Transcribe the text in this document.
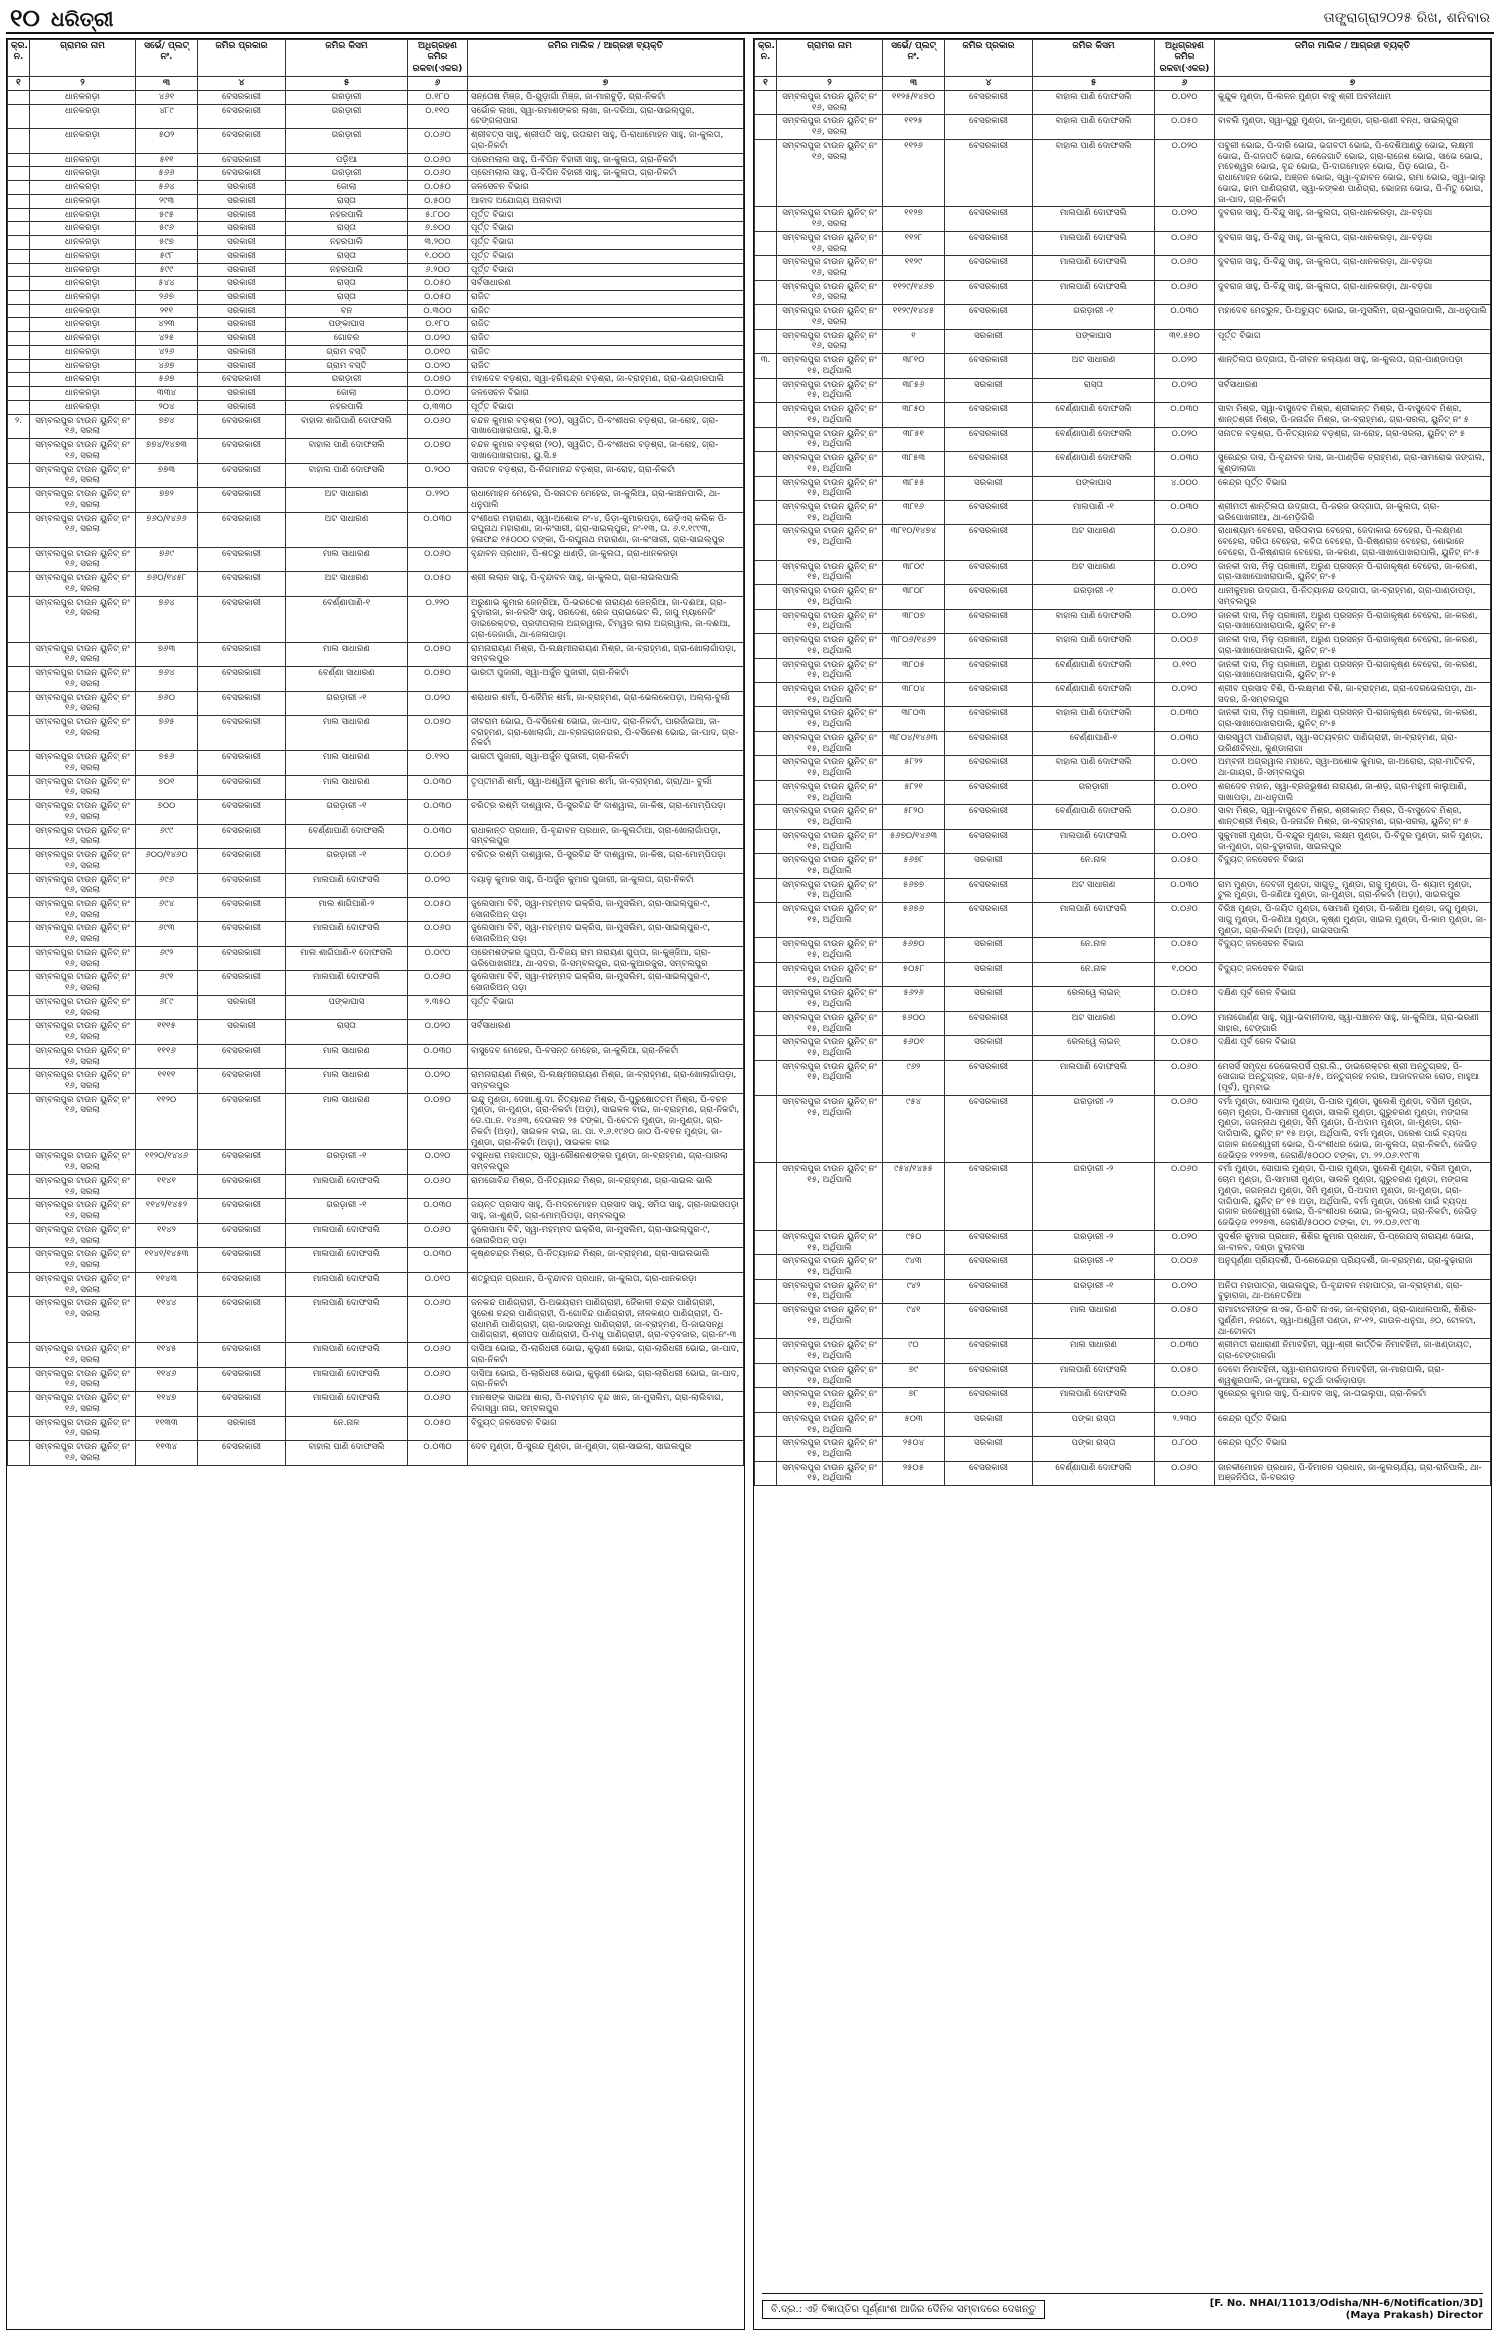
୧୦ ଧରିତ୍ରୀ	ତାଙ୍ଗ୍ରାଗ୍ରା୨୦୨୫ ରିଖ, ଶନିବାର
କ୍ର. ନ.	ଗ୍ରାମର ନାମ	ସର୍ଭେ/ ପ୍ଲଟ୍ ନଂ.	ଜମିର ପ୍ରକାର	ଜମିର କିସମ	ଅଧିଗ୍ରହଣ ଜମିର ରକବା(ଏକର)	ଜମିର ମାଲିକ / ଆଗ୍ରହୀ ବ୍ୟକ୍ତି
୧	୨	୩	୪	୫	୬	୭
	ଧାନକରଡ଼ା	୪୬୧	ବେସରକାରୀ	ଗରଡ଼ାରୀ	୦.୧୮୦	ସନ୍ତୋଷ ମିଞ୍ଜ, ପି-ଗୁଡ଼ାଗାଁ ମିଞ୍ଜ, ଜା-ମାରବୁଡ଼ି, ଗ୍ରା-ନିକଟାଁ
	ଧାନକରଡ଼ା	୪୮୯	ବେସରକାରୀ	ଗରଡ଼ାରୀ	୦.୧୧୦	ସର୍ଭୋକ ଲାଖା, ସ୍ୱା-ରମାଶଙ୍କର ଲାଖା, ଜା-ଦରିଆ, ଗ୍ରା-ସାଇଲ୍ପୁର, ଟେଙ୍ଗଲାପାରା
	ଧାନକରଡ଼ା	୫୦୨	ବେସରକାରୀ	ଗରଡ଼ାରୀ	୦.୦୬୦	ଶ୍ରୀବତ୍ସ ସାହୁ, ଶ୍ରୀପତି ସାହୁ, ଉତାରାମ ସାହୁ, ପି-ରାଧାମୋହନ ସାହୁ, ଜା-କୁଲତା, ଗ୍ରା-ନିକଟାଁ
	ଧାନକରଡ଼ା	୫୧୧	ବେସରକାରୀ	ପଡ଼ିଆ	୦.୦୬୦	ପ୍ରେମଲାଲ ସାହୁ, ପି-ବିପିନ ବିହାରୀ ସାହୁ, ଜା-କୁଲତା, ଗ୍ରା-ନିକଟାଁ
	ଧାନକରଡ଼ା	୫୬୬	ବେସରକାରୀ	ଗରଡ଼ାରୀ	୦.୦୬୦	ପ୍ରେମଲାଲ ସାହୁ, ପି-ବିପିନ ବିହାରୀ ସାହୁ, ଜା-କୁଲତା, ଗ୍ରା-ନିକଟାଁ
	ଧାନକରଡ଼ା	୫୬୪	ସରକାରୀ	ଜୋଲା	୦.୦୫୦	ଜଳସେଚନ ବିଭାଗ
	ଧାନକରଡ଼ା	୨୯୩	ସରକାରୀ	ରାସ୍ତା	୦.୫୦୦	ଆବାଦ ଅଯୋଗ୍ୟ ଅନାବାଦୀ
	ଧାନକରଡ଼ା	୫୯୫	ସରକାରୀ	ନହରପାଲି	୫.୮୦୦	ପୂର୍ତ୍ତ ବିଭାଗ
	ଧାନକରଡ଼ା	୫୯୬	ସରକାରୀ	ରାସ୍ତା	୬.୭୦୦	ପୂର୍ତ୍ତ ବିଭାଗ
	ଧାନକରଡ଼ା	୫୯୭	ସରକାରୀ	ନହରପାଲି	୩.୨୦୦	ପୂର୍ତ୍ତ ବିଭାଗ
	ଧାନକରଡ଼ା	୫୯୮	ସରକାରୀ	ରାସ୍ତା	୧.୦୦୦	ପୂର୍ତ୍ତ ବିଭାଗ
	ଧାନକରଡ଼ା	୫୯୯	ସରକାରୀ	ନହରପାଲି	୬.୨୦୦	ପୂର୍ତ୍ତ ବିଭାଗ
	ଧାନକରଡ଼ା	୫୪୪	ସରକାରୀ	ରାସ୍ତା	୦.୦୫୦	ସର୍ବସାଧାରଣ
	ଧାନକରଡ଼ା	୨୬୭	ସରକାରୀ	ରାସ୍ତା	୦.୦୫୦	ରାଜିତ
	ଧାନକରଡ଼ା	୨୧୧	ସରକାରୀ	ବନ	୦.୩୦୦	ରାଜିତ
	ଧାନକରଡ଼ା	୪୨୩	ସରକାରୀ	ପଙ୍କାଘାସ	୦.୧୮୦	ରାଜିତ
	ଧାନକରଡ଼ା	୪୨୫	ସରକାରୀ	ଗୋଚର	୦.୦୨୦	ରାଜିତ
	ଧାନକରଡ଼ା	୪୨୬	ସରକାରୀ	ଗ୍ରାମ ବସ୍ତି	୦.୦୧୦	ରାଜିତ
	ଧାନକରଡ଼ା	୪୬୭	ସରକାରୀ	ଗ୍ରାମ ବସ୍ତି	୦.୦୨୦	ରାଜିତ
	ଧାନକରଡ଼ା	୫୬୭	ବେସରକାରୀ	ଗରଡ଼ାରୀ	୦.୦୭୦	ମହାଦେବ ବଡ଼ଶ୍ରା, ସ୍ୱା-ହରିଶ୍ଚନ୍ଦ୍ର ବଡ଼ଶ୍ରା, ଜା-ବ୍ରାହ୍ମଣ, ଗ୍ରା-ଭଣ୍ଡାରପାଲି
	ଧାନକରଡ଼ା	୩୩୪	ସରକାରୀ	ଜୋଲା	୦.୦୨୦	ଜଳସେଚନ ବିଭାଗ
	ଧାନକରଡ଼ା	୨୦୪	ସରକାରୀ	ନହରପାଲି	୦.୩୩୦	ପୂର୍ତ୍ତ ବିଭାଗ
୨.	ସମ୍ବଲପୁର ଟାଉନ ୟୁନିଟ୍ ନଂ ୧୬, ସରଲା	୭୭୪	ବେସରକାରୀ	ବାହାଲ ଶାଗିପାଣି ଦୋଫସଲି	୦.୦୬୦	ଚନ୍ଦନ କୁମାର ବଡ଼ଶ୍ରା (୨୦), ସ୍ୱଗିତ, ପି-ବଂଶୀଧର ବଡ଼ଶ୍ରା, ଜା-ରୋହ, ଗ୍ରା-ସାଖାପୋଖରାପାରା, ୟୁ.ସି.୫
	ସମ୍ବଲପୁର ଟାଉନ ୟୁନିଟ୍ ନଂ ୧୬, ସରଲା	୭୭୪/୧୪୭୩	ବେସରକାରୀ	ବାହାଲ ପାଣି ଦୋଫସଲି	୦.୦୭୦	ଚନ୍ଦନ କୁମାର ବଡ଼ଶ୍ରା (୨୦), ସ୍ୱଗିତ, ପି-ବଂଶୀଧର ବଡ଼ଶ୍ରା, ଜା-ରୋହ, ଗ୍ରା-ସାଖାପୋଖରାପାରା, ୟୁ.ସି.୫
	ସମ୍ବଲପୁର ଟାଉନ ୟୁନିଟ୍ ନଂ ୧୬, ସରଲା	୭୭୩	ବେସରକାରୀ	ବାହାଲ ପାଣି ଦୋଫସଲି	୦.୨୦୦	ସନାତନ ବଡ଼ଶ୍ରା, ପି-ନିଗମାନନ୍ଦ ବଡ଼ଶ୍ରା, ଜା-ରୋହ, ଗ୍ରା-ନିକଟାଁ
	ସମ୍ବଲପୁର ଟାଉନ ୟୁନିଟ୍ ନଂ ୧୬, ସରଲା	୭୭୨	ବେସରକାରୀ	ଅଟ ସାଧାରଣ	୦.୨୨୦	ରାଧାମୋହନ ମେହେର, ପି-ସନାତନ ମେହେର, ଜା-କୁଲିଆ, ଗ୍ରା-କାଞ୍ଚନପାଲି, ଥା-ଧନୁପାଲି
	ସମ୍ବଲପୁର ଟାଉନ ୟୁନିଟ୍ ନଂ ୧୬, ସରଲା	୭୬୦/୧୪୬୬	ବେସରକାରୀ	ଅଟ ସାଧାରଣ	୦.୦୩୦	ବଂଶୀଧର ମହାରାଣା, ସ୍ୱା-ଅଶୋକ ନଂ-୪, ଡିଡ଼ା-କୁମାରପଡ଼ା, ଜେଡ଼ିଏସ୍ କଲିକ ପି-ରଘୁନାଥ ମହାରାଣା, ଜା-କଂସାରୀ, ଗ୍ରା-ସାଇଲ୍ପୁର, ନଂ-୧୩, ତା. ୬.୧.୧୯୯୩, ହଳାଫନ୍ଦ ୧୫୦୦୦ ଟଙ୍କା, ପି-ରଘୁନାଥ ମହାରାଣା, ଜା-କଂସାରୀ, ଗ୍ରା-ସାଇଲ୍ପୁର
	ସମ୍ବଲପୁର ଟାଉନ ୟୁନିଟ୍ ନଂ ୧୬, ସରଲା	୭୬୯	ବେସରକାରୀ	ମାଲ ସାଧାରଣ	୦.୦୬୦	ବୃନ୍ଦାବନ ପ୍ରଧାନ, ପି-ଶତ୍ରୁ ଧାଣ୍ଡି, ଜା-କୁଲତା, ଗ୍ରା-ଧାନକରଡ଼ା
	ସମ୍ବଲପୁର ଟାଉନ ୟୁନିଟ୍ ନଂ ୧୬, ସରଲା	୭୬୦/୧୪୫୮	ବେସରକାରୀ	ଅଟ ସାଧାରଣ	୦.୦୫୦	ଶ୍ରୀ ଲଲାନ ସାହୁ, ପି-ବୃନ୍ଦାବନ ସାହୁ, ଜା-କୁଲତା, ଗ୍ରା-ଲାଇଲପାଲି
	ସମ୍ବଲପୁର ଟାଉନ ୟୁନିଟ୍ ନଂ ୧୬, ସରଲା	୭୬୪	ବେସରକାରୀ	ବେର୍ଣ୍ଣାପାଣି-୧	୦.୨୨୦	ଅରୁଣାଭ କୁମାର ଜେନ୍ରିଆ, ପି-ଭରତେଶ ନାରାୟଣ ଜେନ୍ରିଆ, ଜା-ଦଈଆ, ଗ୍ରା-ବୁଡ଼ାରାଜା, କା-ନରସିଂ ସାହୁ, ସରଦେଶ, ରେଜ ପ୍ରାଇଭେଟ ଲି, ଜାପୁ ମ୍ୟାନେଜିଂ ଡାଇରେକ୍ଟର, ପ୍ରଦୀପଲାଲ ଅଗ୍ରୱାଲ, ଟିମ୍ୱର ଲାଲ ଅଗ୍ରୱାଲ, ଜା-ଦଈଆ, ଗ୍ରା-ଜେଜାଗାଁ, ଥା-ଜେଳାପାଡ଼ା
	ସମ୍ବଲପୁର ଟାଉନ ୟୁନିଟ୍ ନଂ ୧୬, ସରଲା	୭୬୩	ବେସରକାରୀ	ମାଲ ସାଧାରଣ	୦.୦୭୦	ରାମନାରାୟଣ ମିଶ୍ର, ପି-ଲକ୍ଷ୍ମୀନାରାୟଣ ମିଶ୍ର, ଜା-ବ୍ରାହ୍ମଣ, ଗ୍ରା-ଖୋଲାଗାଁପଡ଼ା, ସମ୍ବଲପୁର
	ସମ୍ବଲପୁର ଟାଉନ ୟୁନିଟ୍ ନଂ ୧୬, ସରଲା	୭୬୪	ବେସରକାରୀ	ବେର୍ଣ୍ଣା ସାଧାରଣ	୦.୦୭୦	ଭାରତୀ ପୁଜାରୀ, ସ୍ୱା-ଅର୍ଜୁନ ପୁଜାରୀ, ଗ୍ରା-ନିକଟାଁ
	ସମ୍ବଲପୁର ଟାଉନ ୟୁନିଟ୍ ନଂ ୧୬, ସରଲା	୭୬୦	ବେସରକାରୀ	ଗରଡ଼ାରୀ -୧	୦.୦୨୦	ଶରାଧାର ଶର୍ମା, ପି-ଜୈମିନ ଶର୍ମା, ଜା-ବ୍ରାହ୍ମଣ, ଗ୍ରା-ଭେଲକେପଡ଼ା, ଅଲ୍ଲା-ବୁର୍ଲା
	ସମ୍ବଲପୁର ଟାଉନ ୟୁନିଟ୍ ନଂ ୧୬, ସରଲା	୭୬୫	ବେସରକାରୀ	ମାଲ ସାଧାରଣ	୦.୦୭୦	ଜୀବରାମ ଭୋଇ, ପି-ବସିନେଶ ଭୋଇ, ଜା-ପାଦ, ଗ୍ରା-ନିକଟାଁ, ପାରଜାଁଇଆ, ଜା-ବ୍ରାହ୍ମଣ, ଗ୍ରା-ଖୋଲାଗାଁ, ଥା-ବ୍ରଜରାଜନଗର, ପି-ବସିନେଶ ଭୋଇ, ଜା-ପାଦ, ଗ୍ରା-ନିକଟାଁ
	ସମ୍ବଲପୁର ଟାଉନ ୟୁନିଟ୍ ନଂ ୧୬, ସରଲା	୭୫୬	ବେସରକାରୀ	ମାଲ ସାଧାରଣ	୦.୧୨୦	ଭାରତୀ ପୁଜାରୀ, ସ୍ୱା-ଅର୍ଜୁନ ପୁଜାରୀ, ଗ୍ରା-ନିକଟାଁ
	ସମ୍ବଲପୁର ଟାଉନ ୟୁନିଟ୍ ନଂ ୧୬, ସରଲା	୭୦୧	ବେସରକାରୀ	ମାଲ ସାଧାରଣ	୦.୦୩୦	ତୃପ୍ତୀମଣି ଶର୍ମା, ସ୍ୱା-ଅଶ୍ୱିନୀ କୁମାର ଶର୍ମା, ଜା-ବ୍ରାହ୍ମଣ, ଗ୍ରା/ଥା- ବୁର୍ଲା
	ସମ୍ବଲପୁର ଟାଉନ ୟୁନିଟ୍ ନଂ ୧୬, ସରଲା	୭୦୦	ବେସରକାରୀ	ଗରଡ଼ାରୀ -୧	୦.୦୩୦	ଚରିତ୍ର ରଶ୍ମି ଦାଶ୍ୱାଲ, ପି-ସୁରବିନ୍ଦ ସିଂ ଦାଶ୍ୱାଲ, ଜା-କିଷ, ଗ୍ରା-ମୋମ୍ପିପଡ଼ା
	ସମ୍ବଲପୁର ଟାଉନ ୟୁନିଟ୍ ନଂ ୧୬, ସରଲା	୬୯୯	ବେସରକାରୀ	ବେର୍ଣ୍ଣାପାଣି ଦୋଫସଲି	୦.୦୩୦	ରାଧାକାନ୍ତ ପ୍ରଧାନ, ପି-ବୃନ୍ଦାବନ ପ୍ରଧାନ, ଜା-କୁଲତାଁଆ, ଗ୍ରା-ଖୋଲାଗାଁପଡ଼ା, ସମ୍ବଲପୁର
	ସମ୍ବଲପୁର ଟାଉନ ୟୁନିଟ୍ ନଂ ୧୬, ସରଲା	୬୦୦/୧୪୬୦	ବେସରକାରୀ	ଗରଡ଼ାରୀ -୧	୦.୦୦୬	ଚରିତ୍ର ରଶ୍ମି ଦାଶ୍ୱାଲ, ପି-ସୁରବିନ୍ଦ ସିଂ ଦାଶ୍ୱାଲ, ଜା-କିଷ, ଗ୍ରା-ମୋମ୍ପିପଡ଼ା
	ସମ୍ବଲପୁର ଟାଉନ ୟୁନିଟ୍ ନଂ ୧୬, ସରଲା	୬୯୬	ବେସରକାରୀ	ମାଲପାଣି ଦୋଫସଲି	୦.୦୨୦	ଦୟାଳୁ କୁମାର ସାହୁ, ପି-ଅର୍ଜୁନ କୁମାର ପୁଜାରୀ, ଜା-କୁଲତା, ଗ୍ରା-ନିକଟାଁ
	ସମ୍ବଲପୁର ଟାଉନ ୟୁନିଟ୍ ନଂ ୧୬, ସରଲା	୬୯୪	ବେସରକାରୀ	ମାଲ ଶାଗିପାଣି-୨	୦.୦୫୦	ଜୁଲେସାମା ବିବି, ସ୍ୱା-ମହମ୍ମଦ ଇକ୍ରିସ, ଜା-ମୁସଲିମ, ଗ୍ରା-ସାଇଲ୍ପୁର-୯, ସୋନାରିଅନ୍ ପଡ଼ା
	ସମ୍ବଲପୁର ଟାଉନ ୟୁନିଟ୍ ନଂ ୧୬, ସରଲା	୬୯୩	ବେସରକାରୀ	ମାଲପାଣି ଦୋଫସଲି	୦.୦୬୦	ଜୁଲେସାମା ବିବି, ସ୍ୱା-ମହମ୍ମଦ ଇକ୍ରିସ, ଜା-ମୁସଲିମ, ଗ୍ରା-ସାଇଲ୍ପୁର-୯, ସୋନାରିଅନ୍ ପଡ଼ା
	ସମ୍ବଲପୁର ଟାଉନ ୟୁନିଟ୍ ନଂ ୧୬, ସରଲା	୬୯୨	ବେସରକାରୀ	ମାଲ ଶାଗିପାଣି-୧ ଦୋଫସଲି	୦.୦୯୦	ପ୍ରେମଶଙ୍କର ଗୁପ୍ତା, ପି-ବିଜୟ ରାମ ନାରାୟଣ ଗୁପ୍ତା, ଜା-କୁଞ୍ଜିଆ, ଗ୍ରା-ଭରିପୋଖରୀଆ, ଥା-ସଦର, ଜି-ସମ୍ବଲପୁର, ଗ୍ରା-କୁଆରଜୁରା, ସମ୍ବଲପୁର
	ସମ୍ବଲପୁର ଟାଉନ ୟୁନିଟ୍ ନଂ ୧୬, ସରଲା	୬୯୧	ବେସରକାରୀ	ମାଲପାଣି ଦୋଫସଲି	୦.୦୬୦	ଜୁଲେସାମା ବିବି, ସ୍ୱା-ମହମ୍ମଦ ଇକ୍ରିସ, ଜା-ମୁସଲିମ, ଗ୍ରା-ସାଇଲ୍ପୁର-୯, ସୋନାରିଅନ୍ ପଡ଼ା
	ସମ୍ବଲପୁର ଟାଉନ ୟୁନିଟ୍ ନଂ ୧୬, ସରଲା	୬୮୯	ସରକାରୀ	ପଙ୍କାଘାସ	୨.୩୫୦	ପୂର୍ତ୍ତ ବିଭାଗ
	ସମ୍ବଲପୁର ଟାଉନ ୟୁନିଟ୍ ନଂ ୧୬, ସରଲା	୧୧୧୫	ସରକାରୀ	ରାସ୍ତା	୦.୦୨୦	ସର୍ବସାଧାରଣ
	ସମ୍ବଲପୁର ଟାଉନ ୟୁନିଟ୍ ନଂ ୧୬, ସରଲା	୧୧୧୬	ବେସରକାରୀ	ମାଲ ସାଧାରଣ	୦.୦୩୦	ବାସୁଦେବ ମେହେର, ପି-ବସନ୍ତ ମେହେର, ଜା-କୁଲିଆ, ଗ୍ରା-ନିକଟାଁ
	ସମ୍ବଲପୁର ଟାଉନ ୟୁନିଟ୍ ନଂ ୧୬, ସରଲା	୧୧୧୧	ବେସରକାରୀ	ମାଲ ସାଧାରଣ	୦.୦୨୦	ରାମନାରାୟଣ ମିଶ୍ର, ପି-ଲକ୍ଷ୍ମୀନାରାୟଣ ମିଶ୍ର, ଜା-ବ୍ରାହ୍ମଣ, ଗ୍ରା-ଖୋଲାଗାଁପଡ଼ା, ସମ୍ବଲପୁର
	ସମ୍ବଲପୁର ଟାଉନ ୟୁନିଟ୍ ନଂ ୧୬, ସରଲା	୧୧୨୦	ବେସରକାରୀ	ମାଲ ସାଧାରଣ	୦.୦୭୦	ଇନ୍ଦୁ ମୁଣ୍ଡା, ଦେଖା.ଶୁ.ଦା. ନିତ୍ୟାନନ୍ଦ ମିଶ୍ର, ପି-ପୁରୁଷୋତ୍ତମ ମିଶ୍ର, ପି-ବଚନ ମୁଣ୍ଡା, ଜା-ମୁଣ୍ଡା, ଗ୍ରା-ନିକଟାଁ (ଅଡ଼ା), ସାଇକଳ ବାଇ, ଜା-ବ୍ରାହ୍ମଣ, ଗ୍ରା-ନିକଟାଁ, ଡେ.ପା.ନ. ୧୪୬୩, ଦେଉଳାନ ୨୫ ଟଙ୍କା, ପି-ଚେତନ ମୁଣ୍ଡା, ଜା-ମୁଣ୍ଡା, ଗ୍ରା-ନିକଟାଁ (ଅଡ଼ା), ସାଇକଳ ବାଇ, ଜା. ପା. ୧.୬.୧୯୬୦ ଜା୦ ପି-ବଚନ ମୁଣ୍ଡା, ଜା-ମୁଣ୍ଡା, ଗ୍ରା-ନିକଟାଁ (ଅଡ଼ା), ସାଇକଳ ବାଇ
	ସମ୍ବଲପୁର ଟାଉନ ୟୁନିଟ୍ ନଂ ୧୬, ସରଲା	୧୧୨୦/୧୪୪୬	ବେସରକାରୀ	ଗରଡ଼ାରୀ -୧	୦.୦୨୦	ବସୁନ୍ଧରା ମହାପାତ୍ର, ସ୍ୱା-ରୌଶନଶଙ୍କର ମୁଣ୍ଡା, ଜା-ବ୍ରାହ୍ମଣ, ଗ୍ରା-ପାରଲା ସମ୍ବଲପୁର
	ସମ୍ବଲପୁର ଟାଉନ ୟୁନିଟ୍ ନଂ ୧୬, ସରଲା	୧୧୪୧	ବେସରକାରୀ	ମାଲପାଣି ଦୋଫସଲି	୦.୦୬୦	ରାମଗୋବିନ୍ଦ ମିଶ୍ର, ପି-ନିତ୍ୟାନନ୍ଦ ମିଶ୍ର, ଜା-ବ୍ରାହ୍ମଣ, ଗ୍ରା-ସାଇଲ ଭାଲି
	ସମ୍ବଲପୁର ଟାଉନ ୟୁନିଟ୍ ନଂ ୧୬, ସରଲା	୧୧୪୨/୧୪୫୨	ବେସରକାରୀ	ଗରଡ଼ାରୀ -୧	୦.୦୩୦	ଜୟନ୍ତ ପ୍ରସାଦ ସାହୁ, ପି-ମଦନମୋହନ ପ୍ରସାଦ ସାହୁ, ସମିତା ସାହୁ, ଗ୍ରା-ଜାଇସପଡ଼ା ସାହୁ, ଜା-ଶୁଣ୍ଡି, ଗ୍ରା-ମୋମ୍ପିପଡ଼ା, ସମ୍ବଲପୁର
	ସମ୍ବଲପୁର ଟାଉନ ୟୁନିଟ୍ ନଂ ୧୬, ସରଲା	୧୧୪୨	ବେସରକାରୀ	ମାଲପାଣି ଦୋଫସଲି	୦.୦୬୦	ଜୁଲେସାମା ବିବି, ସ୍ୱା-ମହମ୍ମଦ ଇକ୍ରିସ, ଜା-ମୁସଲିମ, ଗ୍ରା-ସାଇଲ୍ପୁର-୯, ସୋନାରିଅନ୍ ପଡ଼ା
	ସମ୍ବଲପୁର ଟାଉନ ୟୁନିଟ୍ ନଂ ୧୬, ସରଲା	୧୧୪୧/୧୪୫୩	ବେସରକାରୀ	ମାଲପାଣି ଦୋଫସଲି	୦.୦୩୦	କୃଷ୍ଣଚନ୍ଦ୍ର ମିଶ୍ର, ପି-ନିତ୍ୟାନନ୍ଦ ମିଶ୍ର, ଜା-ବ୍ରାହ୍ମଣ, ଗ୍ରା-ସାଇଲଭାଲି
	ସମ୍ବଲପୁର ଟାଉନ ୟୁନିଟ୍ ନଂ ୧୬, ସରଲା	୧୧୪୩	ବେସରକାରୀ	ମାଲପାଣି ଦୋଫସଲି	୦.୦୧୦	ଶତ୍ରୁଘ୍ନ ପ୍ରଧାନ, ପି-ବୃନ୍ଦାବନ ପ୍ରଧାନ, ଜା-କୁଲତା, ଗ୍ରା-ଧାନକରଡ଼ା
	ସମ୍ବଲପୁର ଟାଉନ ୟୁନିଟ୍ ନଂ ୧୬, ସରଲା	୧୧୪୪	ବେସରକାରୀ	ମାଲପାଣି ଦୋଫସଲି	୦.୦୬୦	ଜନକନ୍ଦ ପାଣିଗ୍ରାହୀ, ପି-ଅଭୟରାମ ପାଣିଗ୍ରାହୀ, ଜୈକାଳୀ ଚନ୍ଦ୍ର ପାଣିଗ୍ରାହୀ, ସୁରେଶ ଚନ୍ଦ୍ର ପାଣିଗ୍ରାହୀ, ପି-ଗୋବିନ୍ଦ ପାଣିଗ୍ରାହୀ, ନୀଳକଣ୍ଠ ପାଣିଗ୍ରାହୀ, ପି-ରାଧାମଣି ପାଣିଗ୍ରାହୀ, ଗ୍ରା-ଜାଇସନ୍ଧି ପାଣିଗ୍ରାହୀ, ଜା-ବ୍ରାହ୍ମଣ, ପି-ଜାଇସନ୍ଧି ପାଣିଗ୍ରାହୀ, ଶ୍ରୀପଦ ପାଣିଗ୍ରାହୀ, ପି-ମଧୁ ପାଣିଗ୍ରାହୀ, ଗ୍ରା-ବଡ଼ବଜାର, ଗ୍ରା-ନଂ-୩
	ସମ୍ବଲପୁର ଟାଉନ ୟୁନିଟ୍ ନଂ ୧୬, ସରଲା	୧୧୪୫	ବେସରକାରୀ	ମାଲପାଣି ଦୋଫସଲି	୦.୦୬୦	ଦାସିଆ ଭୋଇ, ପି-ଲାରିଧରୀ ଭୋଇ, କୁଲୁଣୀ ଭୋଇ, ଗ୍ରା-ଲାରିଧରୀ ଭୋଇ, ଜା-ପାଦ, ଗ୍ରା-ନିକଟାଁ
	ସମ୍ବଲପୁର ଟାଉନ ୟୁନିଟ୍ ନଂ ୧୬, ସରଲା	୧୧୪୬	ବେସରକାରୀ	ମାଲପାଣି ଦୋଫସଲି	୦.୦୬୦	ଦାସିଆ ଭୋଇ, ପି-ଲାରିଧରୀ ଭୋଇ, କୁଲୁଣୀ ଭୋଇ, ଗ୍ରା-ଲାରିଧରୀ ଭୋଇ, ଜା-ପାଦ, ଗ୍ରା-ନିକଟାଁ
	ସମ୍ବଲପୁର ଟାଉନ ୟୁନିଟ୍ ନଂ ୧୬, ସରଲା	୧୧୪୭	ବେସରକାରୀ	ମାଲପାଣି ଦୋଫସଲି	୦.୦୬୦	ମାନଷଙ୍କ ସାଇଆ ଶାଲା, ପି-ମହମ୍ମଦ ବୃନ୍ଦ ଖାନ, ଜା-ମୁସଲିମ, ଗ୍ରା-ଲାଲିବାଗ, ନିଦାସ୍ୱା ନାଗ, ସମ୍ବଲପୁର
	ସମ୍ବଲପୁର ଟାଉନ ୟୁନିଟ୍ ନଂ ୧୬, ସରଲା	୧୧୩୩	ସରକାରୀ	ନେ.ନାଳ	୦.୦୫୦	ବିଦ୍ୟୁତ୍ ଜଳସେଚନ ବିଭାଗ
	ସମ୍ବଲପୁର ଟାଉନ ୟୁନିଟ୍ ନଂ ୧୬, ସରଲା	୧୧୩୪	ବେସରକାରୀ	ବାହାଲ ପାଣି ଦୋଫସଲି	୦.୦୩୦	ଦେବ ମୁଣ୍ଡା, ପି-ସୁରନ୍ଦ ମୁଣ୍ଡା, ଜା-ମୁଣ୍ଡା, ଗ୍ରା-ସାଇଲା, ସାଇଲପୁର
କ୍ର. ନ.	ଗ୍ରାମର ନାମ	ସର୍ଭେ/ ପ୍ଲଟ୍ ନଂ.	ଜମିର ପ୍ରକାର	ଜମିର କିସମ	ଅଧିଗ୍ରହଣ ଜମିର ରକବା(ଏକର)	ଜମିର ମାଲିକ / ଆଗ୍ରହୀ ବ୍ୟକ୍ତି
୧	୨	୩	୪	୫	୬	୭
	ସମ୍ବଲପୁର ଟାଉନ ୟୁନିଟ୍ ନଂ ୧୬, ସରଲା	୧୧୨୫/୧୪୭୦	ବେସରକାରୀ	ବାହାଲ ପାଣି ଦୋଫସଲି	୦.୦୧୦	କୁନ୍ଦୁକ ମୁଣ୍ଡା, ପି-ଲଳନ ମୁଣ୍ଡା ବାବୁ ଶ୍ରୀ ଅବନୀଧାମ
	ସମ୍ବଲପୁର ଟାଉନ ୟୁନିଟ୍ ନଂ ୧୬, ସରଲା	୧୧୨୫	ବେସରକାରୀ	ବାହାଲ ପାଣି ଦୋଫସଲି	୦.୦୫୦	ବାବଲି ମୁଣ୍ଡା, ସ୍ୱା-ପୁରୁ ମୁଣ୍ଡା, ଜା-ମୁଣ୍ଡା, ଗ୍ରା-ରାଣୀ ବନ୍ଧ, ସାଇଲ୍ପୁର
	ସମ୍ବଲପୁର ଟାଉନ ୟୁନିଟ୍ ନଂ ୧୬, ସରଲା	୧୧୨୬	ବେସରକାରୀ	ବାହାଲ ପାଣି ଦୋଫସଲି	୦.୦୨୦	ପବୁରୀ ଭୋଇ, ପି-ଦାରି ଭୋଇ, ଭଗବତୀ ଭୋଇ, ପି-ଦେଶିଆଣ୍ଡୁ ଭୋଇ, ଲକ୍ଷ୍ମୀ ଭୋଇ, ପି-ଗଜପତି ଭୋଇ, ନେଜେଗାଟି ଭୋଇ, ଗ୍ରା-ରାଜେଶ ଭୋଇ, ସାଭେ ଭୋଇ, ମହେଶ୍ୱର ଭୋଇ, ବୃନ୍ଦ ଭୋଇ, ପି-ଦାଗମୋହନ ଭୋଇ, ପିଡ଼ ଭୋଇ, ପି-ରାଧାମୋହନ ଭୋଇ, ଅଞ୍ଜନ ଭୋଇ, ସ୍ୱା-ବୃନ୍ଦାବନ ଭୋଇ, ରାମା ଭୋଇ, ସ୍ୱା-ଭାଲୁ ଭୋଇ, ଢାମ ପାଣିଗ୍ରାହୀ, ସ୍ୱା-କଙ୍କଣ ପାଣିଗ୍ରା, ଭୋଜନା ଭୋଇ, ପି-ମିତୁ ଭୋଇ, ଜା-ପାଦ, ଗ୍ରା-ନିକଟାଁ
	ସମ୍ବଲପୁର ଟାଉନ ୟୁନିଟ୍ ନଂ ୧୬, ସରଲା	୧୧୨୭	ବେସରକାରୀ	ମାଲପାଣି ଦୋଫସଲି	୦.୦୨୦	ଦୁବରାଜ ସାହୁ, ପି-ବିନ୍ଦୁ ସାହୁ, ଜା-କୁଲତା, ଗ୍ରା-ଧାନକରଡ଼ା, ଥା-ବଡ଼ଗା
	ସମ୍ବଲପୁର ଟାଉନ ୟୁନିଟ୍ ନଂ ୧୬, ସରଲା	୧୧୨୮	ବେସରକାରୀ	ମାଲପାଣି ଦୋଫସଲି	୦.୦୬୦	ଦୁବରାଜ ସାହୁ, ପି-ବିନ୍ଦୁ ସାହୁ, ଜା-କୁଲତା, ଗ୍ରା-ଧାନକରଡ଼ା, ଥା-ବଡ଼ଗା
	ସମ୍ବଲପୁର ଟାଉନ ୟୁନିଟ୍ ନଂ ୧୬, ସରଲା	୧୧୨୯	ବେସରକାରୀ	ମାଲପାଣି ଦୋଫସଲି	୦.୦୬୦	ଦୁବରାଜ ସାହୁ, ପି-ବିନ୍ଦୁ ସାହୁ, ଜା-କୁଲତା, ଗ୍ରା-ଧାନକରଡ଼ା, ଥା-ବଡ଼ଗା
	ସମ୍ବଲପୁର ଟାଉନ ୟୁନିଟ୍ ନଂ ୧୬, ସରଲା	୧୧୨୯/୧୪୬୭	ବେସରକାରୀ	ମାଲପାଣି ଦୋଫସଲି	୦.୦୬୦	ଦୁବରାଜ ସାହୁ, ପି-ବିନ୍ଦୁ ସାହୁ, ଜା-କୁଲତା, ଗ୍ରା-ଧାନକରଡ଼ା, ଥା-ବଡ଼ଗା
	ସମ୍ବଲପୁର ଟାଉନ ୟୁନିଟ୍ ନଂ ୧୬, ସରଲା	୧୧୨୯/୧୪୪୫	ବେସରକାରୀ	ଗରଡ଼ାରୀ -୧	୦.୦୩୦	ମହାଦେବ ମେଟ୍ରୁଳ, ପି-ଅଚ୍ୟୁତ ଭୋଇ, ଜା-ମୁସଲିମ, ଗ୍ରା-ସୁରାଜପାଲି, ଥା-ଧନୁପାଲି
	ସମ୍ବଲପୁର ଟାଉନ ୟୁନିଟ୍ ନଂ ୧୬, ସରଲା	୧	ସରକାରୀ	ପଙ୍କାଘାସ	୩୧.୫୭୦	ପୂର୍ତ୍ତ ବିଭାଗ
୩.	ସମ୍ବଲପୁର ଟାଉନ ୟୁନିଟ୍ ନଂ ୧୫, ଅର୍ଥିପାଲି	୩୮୧୦	ବେସରକାରୀ	ଅଟ ସାଧାରଣ	୦.୦୨୦	ଶାନ୍ତିଲତା ଉଦ୍ଗାତା, ପି-ଜୀବନ କଲ୍ୟାଣ ସାହୁ, ଜା-କୁଲତା, ଗ୍ରା-ପାଣ୍ଡାପଡ଼ା
	ସମ୍ବଲପୁର ଟାଉନ ୟୁନିଟ୍ ନଂ ୧୫, ଅର୍ଥିପାଲି	୩୮୫୬	ସରକାରୀ	ରାସ୍ତା	୦.୦୨୦	ସର୍ବସାଧାରଣ
	ସମ୍ବଲପୁର ଟାଉନ ୟୁନିଟ୍ ନଂ ୧୫, ଅର୍ଥିପାଲି	୩୮୫୦	ବେସରକାରୀ	ବେର୍ଣ୍ଣାପାଣି ଦୋଫସଲି	୦.୦୩୦	ସାବା ମିଶ୍ର, ସ୍ୱା-ବାସୁଦେବ ମିଶ୍ର, ଶ୍ରୀକାନ୍ତ ମିଶ୍ର, ପି-ବାସୁଦେବ ମିଶ୍ର, ଶାନ୍ତଶ୍ରୀ ମିଶ୍ର, ପି-ଜନାର୍ଦ୍ଦନ ମିଶ୍ର, ଜା-ବ୍ରାହ୍ମଣ, ଗ୍ରା-ସରଲା, ୟୁନିଟ୍ ନଂ ୫
	ସମ୍ବଲପୁର ଟାଉନ ୟୁନିଟ୍ ନଂ ୧୫, ଅର୍ଥିପାଲି	୩୮୫୧	ବେସରକାରୀ	ବେର୍ଣ୍ଣାପାଣି ଦୋଫସଲି	୦.୦୨୦	ସନାତନ ବଡ଼ଶ୍ରା, ପି-ନିତ୍ୟାନନ୍ଦ ବଡ଼ଶ୍ରା, ଜା-ରୋହ, ଗ୍ରା-ସରଲା, ୟୁନିଟ୍ ନଂ ୫
	ସମ୍ବଲପୁର ଟାଉନ ୟୁନିଟ୍ ନଂ ୧୫, ଅର୍ଥିପାଲି	୩୮୫୩	ବେସରକାରୀ	ବେର୍ଣ୍ଣାପାଣି ଦୋଫସଲି	୦.୦୩୦	ସୁରେନ୍ଦ୍ର ଦାସ, ପି-ବୃନ୍ଦାବନ ଦାସ, ଜା-ପାଣ୍ଡିକ ବ୍ରାହ୍ମଣ, ଗ୍ରା-ସାମରୋଭ ଜଙ୍ଗଲ, କୁଣ୍ଡାଲାଗା
	ସମ୍ବଲପୁର ଟାଉନ ୟୁନିଟ୍ ନଂ ୧୫, ଅର୍ଥିପାଲି	୩୮୫୫	ସରକାରୀ	ପଙ୍କାଘାସ	୪.୦୦୦	କେନ୍ଦ୍ର ପୂର୍ତ୍ତ ବିଭାଗ
	ସମ୍ବଲପୁର ଟାଉନ ୟୁନିଟ୍ ନଂ ୧୫, ଅର୍ଥିପାଲି	୩୮୧୬	ବେସରକାରୀ	ମାଲପାଣି -୧	୦.୦୩୦	ଶ୍ରୀମତୀ ଶାନ୍ତିଲତା ଉଦ୍ଗାତା, ପି-ଜରଜ ଉଦ୍ଗାତା, ଜା-କୁଲତା, ଗ୍ରା-ଭରିପୋଖରୀଆ, ଥା-ମେଡ଼ିଗିରି
	ସମ୍ବଲପୁର ଟାଉନ ୟୁନିଟ୍ ନଂ ୧୫, ଅର୍ଥିପାଲି	୩୮୧୦/୧୪୭୪	ବେସରକାରୀ	ଅଟ ସାଧାରଣ	୦.୦୬୦	ରାଧାଶ୍ୟାମ ବେହେରା, ସରିତାବାଇ ବେହେରା, ଜେଦାକାଇ ବେହେରା, ପି-ଲକ୍ଷ୍ମଣ ବେହେରା, ସରିତା ବେହେରା, କବିତା ବେହେରା, ପି-ରିଷ୍ଣରାଜ ବେହେରା, ଶୋଭାନେ ବେହେରା, ପି-ରିଷ୍ଣରାଜ ବେହେରା, ଜା-କରଣ, ଗ୍ରା-ସାଖାପୋଖରାପାଲି, ୟୁନିଟ୍ ନଂ-୫
	ସମ୍ବଲପୁର ଟାଉନ ୟୁନିଟ୍ ନଂ ୧୫, ଅର୍ଥିପାଲି	୩୮୦୯	ବେସରକାରୀ	ଅଟ ସାଧାରଣ	୦.୦୨୦	ଜାନକୀ ଦାସ, ମିଳୁ ପ୍ରଜ୍ଞାନୀ, ଅରୁଣ ପ୍ରସନ୍ନ ପି-ରାଜାକୃଷ୍ଣ ବେହେରା, ଜା-କରଣ, ଗ୍ରା-ସାଖାପୋଖରାପାଲି, ୟୁନିଟ୍ ନଂ-୫
	ସମ୍ବଲପୁର ଟାଉନ ୟୁନିଟ୍ ନଂ ୧୫, ଅର୍ଥିପାଲି	୩୮୦୮	ବେସରକାରୀ	ଗରଡ଼ାରୀ -୧	୦.୦୧୦	ଧାନୀକୁମାର ଉଦ୍ଗାତା, ପି-ନିତ୍ୟାନନ୍ଦ ଉଦ୍ଗାତା, ଜା-ବ୍ରାହ୍ମଣ, ଗ୍ରା-ପାଣ୍ଡାପଡ଼ା, ସମ୍ବଲପୁର
	ସମ୍ବଲପୁର ଟାଉନ ୟୁନିଟ୍ ନଂ ୧୫, ଅର୍ଥିପାଲି	୩୮୦୭	ବେସରକାରୀ	ବାହାଲ ପାଣି ଦୋଫସଲି	୦.୦୨୦	ଜାନକୀ ଦାସ, ମିଳୁ ପ୍ରଜ୍ଞାନୀ, ଅରୁଣ ପ୍ରସନ୍ନ ପି-ରାଜାକୃଷ୍ଣ ବେହେରା, ଜା-କରଣ, ଗ୍ରା-ସାଖାପୋଖରାପାଲି, ୟୁନିଟ୍ ନଂ-୫
	ସମ୍ବଲପୁର ଟାଉନ ୟୁନିଟ୍ ନଂ ୧୫, ଅର୍ଥିପାଲି	୩୮୦୬/୧୪୬୨	ବେସରକାରୀ	ବାହାଲ ପାଣି ଦୋଫସଲି	୦.୦୦୬	ଜାନକୀ ଦାସ, ମିଳୁ ପ୍ରଜ୍ଞାନୀ, ଅରୁଣ ପ୍ରସନ୍ନ ପି-ରାଜାକୃଷ୍ଣ ବେହେରା, ଜା-କରଣ, ଗ୍ରା-ସାଖାପୋଖରାପାଲି, ୟୁନିଟ୍ ନଂ-୫
	ସମ୍ବଲପୁର ଟାଉନ ୟୁନିଟ୍ ନଂ ୧୫, ଅର୍ଥିପାଲି	୩୮୦୫	ବେସରକାରୀ	ବେର୍ଣ୍ଣାପାଣି ଦୋଫସଲି	୦.୧୧୦	ଜାନକୀ ଦାସ, ମିଳୁ ପ୍ରଜ୍ଞାନୀ, ଅରୁଣ ପ୍ରସନ୍ନ ପି-ରାଜାକୃଷ୍ଣ ବେହେରା, ଜା-କରଣ, ଗ୍ରା-ସାଖାପୋଖରାପାଲି, ୟୁନିଟ୍ ନଂ-୫
	ସମ୍ବଲପୁର ଟାଉନ ୟୁନିଟ୍ ନଂ ୧୫, ଅର୍ଥିପାଲି	୩୮୦୪	ବେସରକାରୀ	ବେର୍ଣ୍ଣାପାଣି ଦୋଫସଲି	୦.୦୨୦	ଶ୍ରୀବ ପ୍ରସାଦ ବିଶି, ପି-ଲକ୍ଷ୍ମଣ ବିଶି, ଜା-ବ୍ରାହ୍ମଣ, ଗ୍ରା-ଦେରଭେଲପଡ଼ା, ଥା-ସଦର, ଜି-ସମ୍ବଲପୁର
	ସମ୍ବଲପୁର ଟାଉନ ୟୁନିଟ୍ ନଂ ୧୫, ଅର୍ଥିପାଲି	୩୮୦୩	ବେସରକାରୀ	ବାହାଲ ପାଣି ଦୋଫସଲି	୦.୦୩୦	ଜାନକୀ ଦାସ, ମିଳୁ ପ୍ରଜ୍ଞାନୀ, ଅରୁଣ ପ୍ରସନ୍ନ ପି-ରାଜାକୃଷ୍ଣ ବେହେରା, ଜା-କରଣ, ଗ୍ରା-ସାଖାପୋଖରାପାଲି, ୟୁନିଟ୍ ନଂ-୫
	ସମ୍ବଲପୁର ଟାଉନ ୟୁନିଟ୍ ନଂ ୧୫, ଅର୍ଥିପାଲି	୩୮୦୪/୧୪୬୩	ବେସରକାରୀ	ବେର୍ଣ୍ଣାପାଣି-୧	୦.୦୩୦	ସାରସ୍ୱତୀ ପାଣିଗ୍ରାହୀ, ସ୍ୱା-ସତ୍ୟବ୍ରତ ପାଣିଗ୍ରାହୀ, ଜା-ବ୍ରାହ୍ମଣ, ଗ୍ରା-ଉରିଣୀବିନ୍ଧା, କୁଣ୍ଡାଲାଗା
	ସମ୍ବଲପୁର ଟାଉନ ୟୁନିଟ୍ ନଂ ୧୫, ଅର୍ଥିପାଲି	୫୮୨୨	ବେସରକାରୀ	ବାହାଲ ପାଣି ଦୋଫସଲି	୦.୦୧୦	ଅମ୍ବନୀ ଅଗ୍ରୱାଲ ମହାଦେ, ସ୍ୱା-ଅଶୋକ କୁମାର, ଜା-ଅରୋରା, ଗ୍ରା-ମାତିଚଳି, ଥା-ଗାୟରା, ଜି-ସମ୍ବଲପୁର
	ସମ୍ବଲପୁର ଟାଉନ ୟୁନିଟ୍ ନଂ ୧୫, ଅର୍ଥିପାଲି	୫୮୨୧	ବେସରକାରୀ	ଗରଡ଼ାରୀ	୦.୦୧୦	ଶରଦେବ ମହାନ, ସ୍ୱା-ବ୍ରଜଭୁଷଣ ନାରାୟଣ, ଜା-ଶଡ଼, ଗ୍ରା-ମହୁମୀ କାଲୁଆଣି, ସାଖାପଡ଼ା, ଥା-ଧନୁପାଲି
	ସମ୍ବଲପୁର ଟାଉନ ୟୁନିଟ୍ ନଂ ୧୫, ଅର୍ଥିପାଲି	୫୮୨୦	ବେସରକାରୀ	ବେର୍ଣ୍ଣାପାଣି ଦୋଫସଲି	୦.୦୬୦	ସାବା ମିଶ୍ର, ସ୍ୱା-ବାସୁଦେବ ମିଶ୍ର, ଶ୍ରୀକାନ୍ତ ମିଶ୍ର, ପି-ବାସୁଦେବ ମିଶ୍ର, ଶାନ୍ତଶ୍ରୀ ମିଶ୍ର, ପି-ଜନାର୍ଦ୍ଦନ ମିଶ୍ର, ଜା-ବ୍ରାହ୍ମଣ, ଗ୍ରା-ସରଲା, ୟୁନିଟ୍ ନଂ ୫
	ସମ୍ବଲପୁର ଟାଉନ ୟୁନିଟ୍ ନଂ ୧୫, ଅର୍ଥିପାଲି	୫୬୭୦/୧୪୬୩	ବେସରକାରୀ	ମାଲପାଣି ଦୋଫସଲି	୦.୦୧୦	ସୁକୁମାରୀ ମୁଣ୍ଡା, ପି-ବନ୍ଦୁର ମୁଣ୍ଡା, ଲକ୍ଷ୍ମ ମୁଣ୍ଡା, ପି-ବିଦୁର ମୁଣ୍ଡା, କାଳି ମୁଣ୍ଡା, ଜା-ମୁଣ୍ଡା, ଗ୍ରା-ବୁଢ଼ାରାଜା, ସାଇଲପୁର
	ସମ୍ବଲପୁର ଟାଉନ ୟୁନିଟ୍ ନଂ ୧୫, ଅର୍ଥିପାଲି	୫୬୭୮	ସରକାରୀ	ନେ.ନାଳ	୦.୦୫୦	ବିଦ୍ୟୁତ୍ ଜଳସେଚନ ବିଭାଗ
	ସମ୍ବଲପୁର ଟାଉନ ୟୁନିଟ୍ ନଂ ୧୫, ଅର୍ଥିପାଲି	୫୬୭୭	ବେସରକାରୀ	ଅଟ ସାଧାରଣ	୦.୦୩୦	ରାମ ମୁଣ୍ଡା, ଦେବଜୀ ମୁଣ୍ଡା, ସାଗୁଡ଼ୁ ମୁଣ୍ଡା, ରାଜୁ ମୁଣ୍ଡା, ପି- ଶ୍ୟାମ ମୁଣ୍ଡା, ଟୁଲ ମୁଣ୍ଡା, ପି-ଜଣିଆ ମୁଣ୍ଡା, ଜା-ମୁଣ୍ଡା, ଗ୍ରା-ନିକଟାଁ (ଅଡ଼ା), ସାଇଲପୁର
	ସମ୍ବଲପୁର ଟାଉନ ୟୁନିଟ୍ ନଂ ୧୫, ଅର୍ଥିପାଲି	୫୬୭୬	ବେସରକାରୀ	ମାଲପାଣି ଦୋଫସଲି	୦.୦୬୦	ବିରିଞ୍ଚ ମୁଣ୍ଡା, ପି-ଜୟିତ ମୁଣ୍ଡା, ସୋମାଣି ମୁଣ୍ଡା, ପି-ଜଣିଆ ମୁଣ୍ଡା, ଜଗୁ ମୁଣ୍ଡା, ସାଗୁ ମୁଣ୍ଡା, ପି-ଜଣିଆ ମୁଣ୍ଡା, କୃଷ୍ଣ ମୁଣ୍ଡା, ସାଇଲ ମୁଣ୍ଡା, ପି-କାମ ମୁଣ୍ଡା, ଜା-ମୁଣ୍ଡା, ଗ୍ରା-ନିକଟାଁ (ଅଡ଼ା), ଗାଇସପାଲି
	ସମ୍ବଲପୁର ଟାଉନ ୟୁନିଟ୍ ନଂ ୧୫, ଅର୍ଥିପାଲି	୫୬୭୦	ସରକାରୀ	ନେ.ନାଳ	୦.୦୫୦	ବିଦ୍ୟୁତ୍ ଜଳସେଚନ ବିଭାଗ
	ସମ୍ବଲପୁର ଟାଉନ ୟୁନିଟ୍ ନଂ ୧୫, ଅର୍ଥିପାଲି	୫୦୫୮	ସରକାରୀ	ନେ.ନାଳ	୧.୦୦୦	ବିଦ୍ୟୁତ୍ ଜଳସେଚନ ବିଭାଗ
	ସମ୍ବଲପୁର ଟାଉନ ୟୁନିଟ୍ ନଂ ୧୫, ଅର୍ଥିପାଲି	୫୬୨୬	ସରକାରୀ	ରେଲୱେ ଲାଇନ୍	୦.୦୫୦	ଦକ୍ଷିଣ ପୂର୍ବ ରେଳ ବିଭାଗ
	ସମ୍ବଲପୁର ଟାଉନ ୟୁନିଟ୍ ନଂ ୧୫, ଅର୍ଥିପାଲି	୫୬୦୦	ବେସରକାରୀ	ଅଟ ସାଧାରଣ	୦.୦୨୦	ମାନାଗୋର୍ଣ୍ଣ ସାହୁ, ସ୍ୱା-ଭବାନୀଦାସ, ସ୍ୱା-ପଞ୍ଚାନନ ସାହୁ, ଜା-କୁଲିଆ, ଗ୍ରା-ଭରଣୀ ସାହାର, ଟେଙ୍ଗାରି
	ସମ୍ବଲପୁର ଟାଉନ ୟୁନିଟ୍ ନଂ ୧୫, ଅର୍ଥିପାଲି	୫୬୦୧	ସରକାରୀ	ରେଲୱେ ଲାଇନ୍	୦.୦୫୦	ଦକ୍ଷିଣ ପୂର୍ବ ରେଳ ବିଭାଗ
	ସମ୍ବଲପୁର ଟାଉନ ୟୁନିଟ୍ ନଂ ୧୫, ଅର୍ଥିପାଲି	୯୬୨	ବେସରକାରୀ	ମାଲପାଣି ଦୋଫସଲି	୦.୦୬୦	ମେସର୍ସ ସମୃଦ୍ଧ ଡେଭେଲପର୍ସ ପ୍ରା.ଲି., ଡାଇରେକ୍ଟର ଶ୍ରୀ ଅନ୍ତୁଗ୍ରହ, ପି-ସୋଗାଇ ଅନ୍ତୁଗ୍ରହ, ଗ୍ରା-୫/୫, ଅନ୍ତୁଗ୍ରହ ନଗର, ଆଜାଦନଗର ରୋଡ, ମାହୁଆ (ପୂର୍ବ), ମୁମ୍ବାଇ
	ସମ୍ବଲପୁର ଟାଉନ ୟୁନିଟ୍ ନଂ ୧୫, ଅର୍ଥିପାଲି	୯୫୪	ବେସରକାରୀ	ଗରଡ଼ାରୀ -୨	୦.୦୬୦	ବର୍ମା ମୁଣ୍ଡା, ସୋପାଲ ମୁଣ୍ଡା, ପି-ପାର ମୁଣ୍ଡା, ସୁଲେଶି ମୁଣ୍ଡା, ବସିନୀ ମୁଣ୍ଡା, ଚୋମ ମୁଣ୍ଡା, ପି-ସାମାରୀ ମୁଣ୍ଡା, ସାଲକି ମୁଣ୍ଡା, ଗୁରୁଚରଣ ମୁଣ୍ଡା, ମଙ୍ଗଳା ମୁଣ୍ଡା, ଜଗନ୍ନାଥ ମୁଣ୍ଡା, ସିମି ମୁଣ୍ଡା, ପି-ଅଦାମ ମୁଣ୍ଡା, ଜା-ମୁଣ୍ଡା, ଗ୍ରା-ଦାଗିପାଲି, ୟୁନିଟ୍ ନଂ ୧୫ ଅଡ଼ା, ଅର୍ଥିପାଲି, ବର୍ମା ମୁଣ୍ଡା, ପରେଶ ପାଇଁ ବ୍ୟଦ୍ଧ ଗଜାଳ ରଜେଶ୍ୱରୀ ଭୋଇ, ପି-ବଂଶୀଧର ଭୋଇ, ଜା-କୁଲତା, ଗ୍ରା-ନିକଟାଁ, ଜେଭିଡ଼ ଜେଭିଡ଼ଜ ୧୨୨୭୩, ଜେରାଣି/୫୦୦୦ ଟଙ୍କା, ଟା. ୨୨.୦୬.୧୯୮୩
	ସମ୍ବଲପୁର ଟାଉନ ୟୁନିଟ୍ ନଂ ୧୫, ଅର୍ଥିପାଲି	୯୫୪/୧୪୫୫	ବେସରକାରୀ	ଗରଡ଼ାରୀ -୨	୦.୦୬୦	ବର୍ମା ମୁଣ୍ଡା, ସୋପାଲ ମୁଣ୍ଡା, ପି-ପାର ମୁଣ୍ଡା, ସୁଲେଶି ମୁଣ୍ଡା, ବସିନୀ ମୁଣ୍ଡା, ଚୋମ ମୁଣ୍ଡା, ପି-ସାମାରୀ ମୁଣ୍ଡା, ସାଲକି ମୁଣ୍ଡା, ଗୁରୁଚରଣ ମୁଣ୍ଡା, ମଙ୍ଗଳା ମୁଣ୍ଡା, ଜଗନ୍ନାଥ ମୁଣ୍ଡା, ସିମି ମୁଣ୍ଡା, ପି-ଅଦାମ ମୁଣ୍ଡା, ଜା-ମୁଣ୍ଡା, ଗ୍ରା-ଦାଗିପାଲି, ୟୁନିଟ୍ ନଂ ୧୫ ଅଡ଼ା, ଅର୍ଥିପାଲି, ବର୍ମା ମୁଣ୍ଡା, ପରେଶ ପାଇଁ ବ୍ୟଦ୍ଧ ଗଜାଳ ରଜେଶ୍ୱରୀ ଭୋଇ, ପି-ବଂଶୀଧର ଭୋଇ, ଜା-କୁଲତା, ଗ୍ରା-ନିକଟାଁ, ଜେଭିଡ଼ ଜେଭିଡ଼ଜ ୧୨୨୭୩, ଜେରାଣି/୫୦୦୦ ଟଙ୍କା, ଟା. ୨୨.୦୬.୧୯୮୩
	ସମ୍ବଲପୁର ଟାଉନ ୟୁନିଟ୍ ନଂ ୧୫, ଅର୍ଥିପାଲି	୯୫୦	ବେସରକାରୀ	ଗରଡ଼ାରୀ -୨	୦.୦୨୦	ସୁଦର୍ଶନ କୁମାର ପ୍ରଧାନ, ଶିଶିର କୁମାର ପ୍ରଧାନ, ପି-ପ୍ରେଯସ୍ ନାରାୟଣ ଭୋଇ, ଜା-ବାଳବ, ଦଣ୍ଡା ବୁଲାବସା
	ସମ୍ବଲପୁର ଟାଉନ ୟୁନିଟ୍ ନଂ ୧୫, ଅର୍ଥିପାଲି	୯୪୩	ବେସରକାରୀ	ଗରଡ଼ାରୀ -୧	୦.୦୦୬	ଅନୁପୂର୍ଣ୍ଣା ପ୍ରିୟଦର୍ଶୀ, ପି-ରେଜେନ୍ଦ୍ର ପ୍ରିୟଦର୍ଶୀ, ଜା-ବ୍ରାହ୍ମଣ, ଗ୍ରା-ବୁଢ଼ାରାଜା
	ସମ୍ବଲପୁର ଟାଉନ ୟୁନିଟ୍ ନଂ ୧୫, ଅର୍ଥିପାଲି	୯୪୨	ବେସରକାରୀ	ଗରଡ଼ାରୀ -୧	୦.୦୨୦	ଅନିତା ମହାପାତ୍ର, ସାଇଲପୁର, ପି-ବୃନ୍ଦାବନ ମହାପାତ୍ର, ଜା-ବ୍ରାହ୍ମଣ, ଗ୍ରା-ବୁଢ଼ାରାଜା, ଥା-ଅନେତରିଆ
	ସମ୍ବଲପୁର ଟାଉନ ୟୁନିଟ୍ ନଂ ୧୫, ଅର୍ଥିପାଲି	୯୪୧	ବେସରକାରୀ	ମାଲ ସାଧାରଣ	୦.୦୫୦	ରାମାଟାଟନୀଙ୍କ ନାଏକ, ପି-ରବି ନାଏକ, ଜା-ବ୍ରାହ୍ମଣ, ଗ୍ରା-ଗାଧାଲପାଲି, ଶିଶିର-ପୁର୍ଣ୍ଣିମ, ନଗଟୋ, ସ୍ୱା-ଅଶ୍ୱିନୀ ପଣ୍ଡା, ନଂ-୧୨, ଗାଉଳ-ଧନୁପା, ୬୦, ଟୋଳଟା, ଥା-ଟୋଳଟା
	ସମ୍ବଲପୁର ଟାଉନ ୟୁନିଟ୍ ନଂ ୧୫, ଅର୍ଥିପାଲି	୯୦	ବେସରକାରୀ	ମାଲ ସାଧାରଣ	୦.୦୩୦	ଶ୍ରୀମତୀ ରାଧାରାଣୀ ନିମାବହିନୀ, ସ୍ୱା-ଶ୍ରୀ କାର୍ତ୍ତିକ ନିମାବହିନୀ, ଜା-ଖଣ୍ଡାୟତ, ଗ୍ରା-ଟେଙ୍ଗାରଗାଁ
	ସମ୍ବଲପୁର ଟାଉନ ୟୁନିଟ୍ ନଂ ୧୫, ଅର୍ଥିପାଲି	୭୯	ବେସରକାରୀ	ମାଲପାଣି ଦୋଫସଲି	୦.୦୫୦	ଦେବୋ ନିମାବହିନୀ, ସ୍ୱା-ରାମଗଦାଦର ନିମାବହିନୀ, ଜା-ମାରାପାଲି, ଗ୍ରା-ଶ୍ୱଶୁରପାଲି, ଜା-ଦୁଆରା, ଚତୁର୍ଥା ଦାର୍କାଡ଼ାପଡ଼ା
	ସମ୍ବଲପୁର ଟାଉନ ୟୁନିଟ୍ ନଂ ୧୫, ଅର୍ଥିପାଲି	୭୮	ବେସରକାରୀ	ମାଲପାଣି ଦୋଫସଲି	୦.୦୬୦	ସୁରେନ୍ଦ୍ର କୁମାର ସାହୁ, ପି-ଯାଦବ ସାହୁ, ଜା-ତାଇଲୁପା, ଗ୍ରା-ନିକଟାଁ
	ସମ୍ବଲପୁର ଟାଉନ ୟୁନିଟ୍ ନଂ ୧୫, ଅର୍ଥିପାଲି	୫୦୩	ସରକାରୀ	ପଙ୍କା ରାସ୍ତା	୨.୨୩୦	କେନ୍ଦ୍ର ପୂର୍ତ୍ତ ବିଭାଗ
	ସମ୍ବଲପୁର ଟାଉନ ୟୁନିଟ୍ ନଂ ୧୫, ଅର୍ଥିପାଲି	୨୫୦୪	ସରକାରୀ	ପଙ୍କା ରାସ୍ତା	୦.୮୦୦	କେନ୍ଦ୍ର ପୂର୍ତ୍ତ ବିଭାଗ
	ସମ୍ବଲପୁର ଟାଉନ ୟୁନିଟ୍ ନଂ ୧୫, ଅର୍ଥିପାଲି	୨୫୦୫	ବେସରକାରୀ	ବେର୍ଣ୍ଣାପାଣି ଦୋଫସଲି	୦.୦୬୦	ଜାନକୀମୋହନ ପ୍ରଧାନ, ପି-ହିମାଚନ ପ୍ରଧାନ, ଜା-କୁଲଚାର୍ଯ୍ୟ, ଗ୍ରା-ରାନିପାଲି, ଥା-ଅଞ୍ଜନିପିତା, ଜି-ବରଗଡ଼
ବି.ଦ୍ର.: ଏହି ବିଜ୍ଞାପ୍ତିର ପୂର୍ଣ୍ଣାଂଶ ଆଜିର ଦୈନିକ ସମ୍ବାଦରେ ଦେଖନ୍ତୁ
[F. No. NHAI/11013/Odisha/NH-6/Notification/3D]
(Maya Prakash) Director
